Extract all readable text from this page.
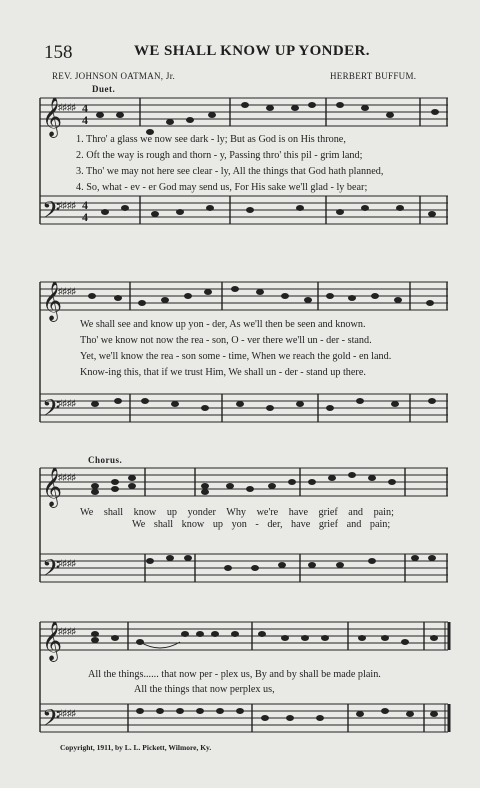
158	WE SHALL KNOW UP YONDER.
REV. JOHNSON OATMAN, Jr.	HERBERT BUFFUM.
Duet.
𝄞
𝄢
♯♯♯♯
♯♯♯♯
4
4
4
4
1. Thro' a glass we now see dark - ly; But as God is on His throne,
2. Oft the way is rough and thorn - y, Passing thro' this pil - grim land;
3. Tho' we may not here see clear - ly, All the things that God hath planned,
4. So, what - ev - er God may send us, For His sake we'll glad - ly bear;
𝄞
𝄢
♯♯♯♯
♯♯♯♯
We shall see and know up yon - der, As we'll then be seen and known.
Tho' we know not now the rea - son, O - ver there we'll un - der - stand.
Yet, we'll know the rea - son some - time, When we reach the gold - en land.
Know-ing this, that if we trust Him, We shall un - der - stand up there.
Chorus.
𝄞
𝄢
♯♯♯♯
♯♯♯♯
We shall know up yonder Why we're have grief and pain;
We shall know up yon - der, have grief and pain;
𝄞
𝄢
♯♯♯♯
♯♯♯♯
All the things...... that now per - plex us, By and by shall be made plain.
All the things that now perplex us,
Copyright, 1911, by L. L. Pickett, Wilmore, Ky.
